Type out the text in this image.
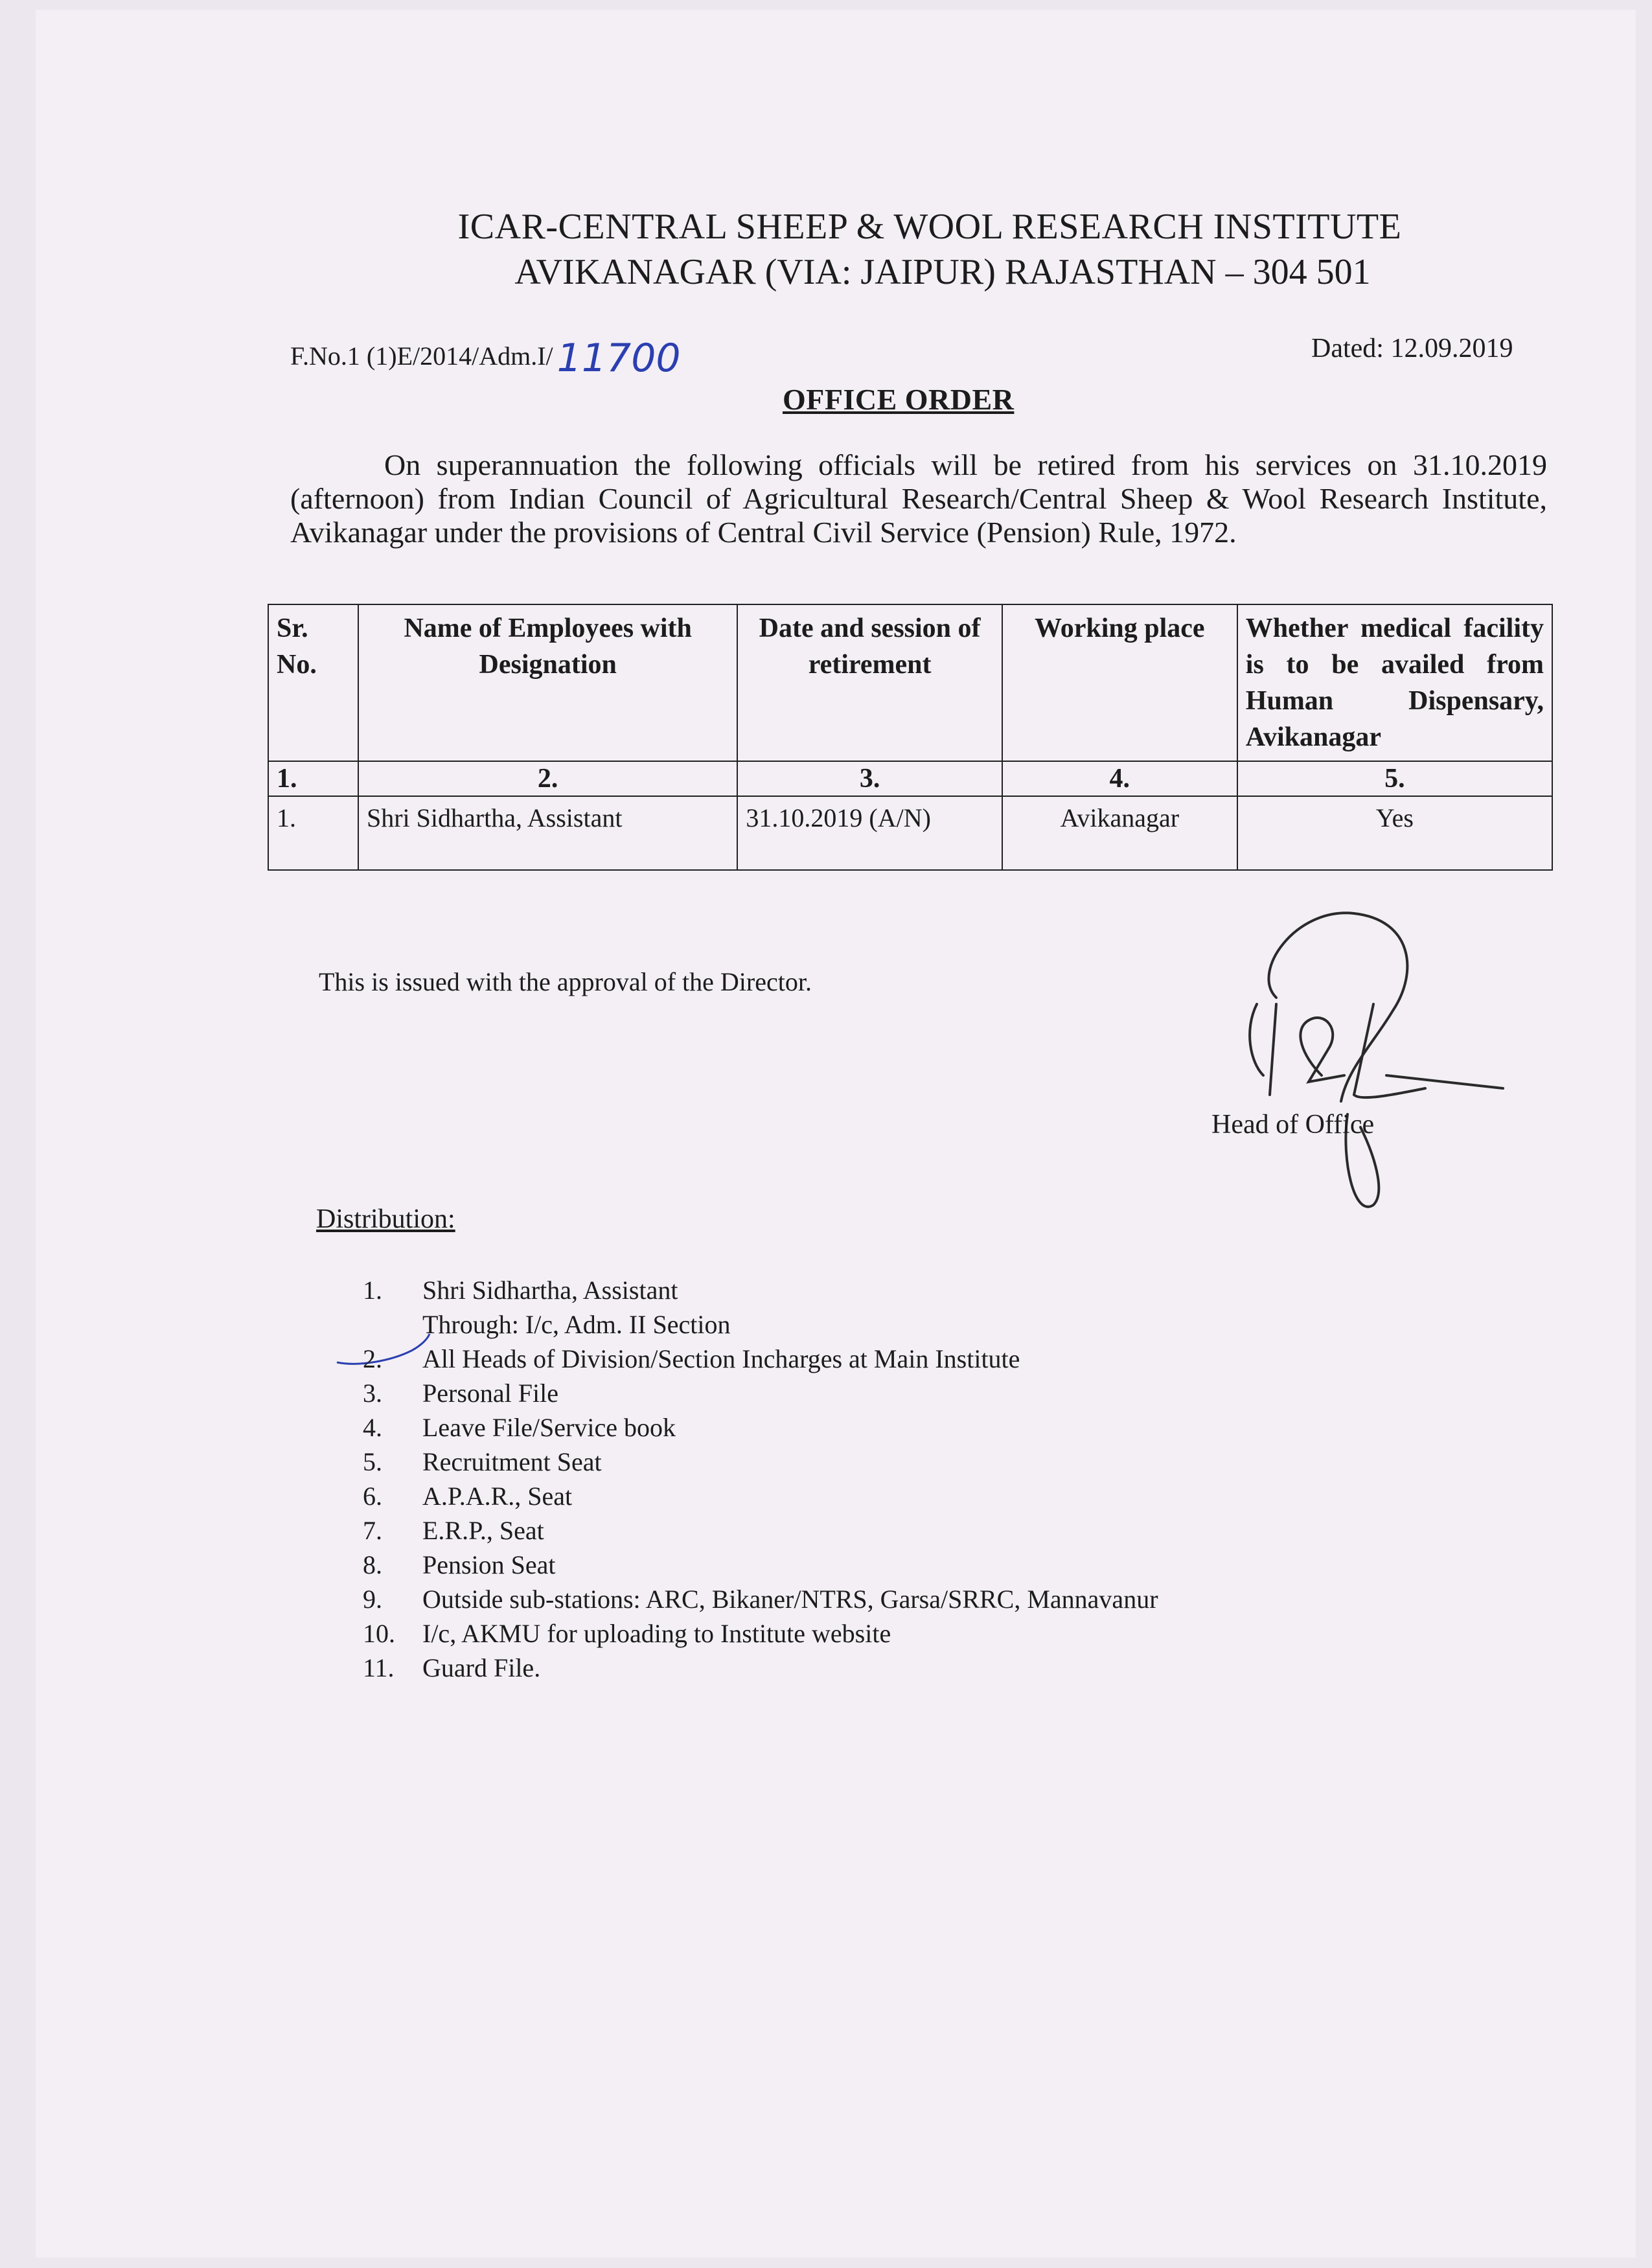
ICAR-CENTRAL SHEEP & WOOL RESEARCH INSTITUTE
AVIKANAGAR (VIA: JAIPUR) RAJASTHAN – 304 501
F.No.1 (1)E/2014/Adm.I/ 11700	Dated: 12.09.2019
OFFICE ORDER
On superannuation the following officials will be retired from his services on 31.10.2019 (afternoon) from Indian Council of Agricultural Research/Central Sheep & Wool Research Institute, Avikanagar under the provisions of Central Civil Service (Pension) Rule, 1972.
Sr. No.	Name of Employees with Designation	Date and session of retirement	Working place	Whether medical facility is to be availed from Human Dispensary, Avikanagar
1.	2.	3.	4.	5.
1.	Shri Sidhartha, Assistant	31.10.2019 (A/N)	Avikanagar	Yes
This is issued with the approval of the Director.
Head of Office
Distribution:
1.	Shri Sidhartha, Assistant
Through: I/c, Adm. II Section
2.	All Heads of Division/Section Incharges at Main Institute
3.	Personal File
4.	Leave File/Service book
5.	Recruitment Seat
6.	A.P.A.R., Seat
7.	E.R.P., Seat
8.	Pension Seat
9.	Outside sub-stations: ARC, Bikaner/NTRS, Garsa/SRRC, Mannavanur
10.	I/c, AKMU for uploading to Institute website
11.	Guard File.
